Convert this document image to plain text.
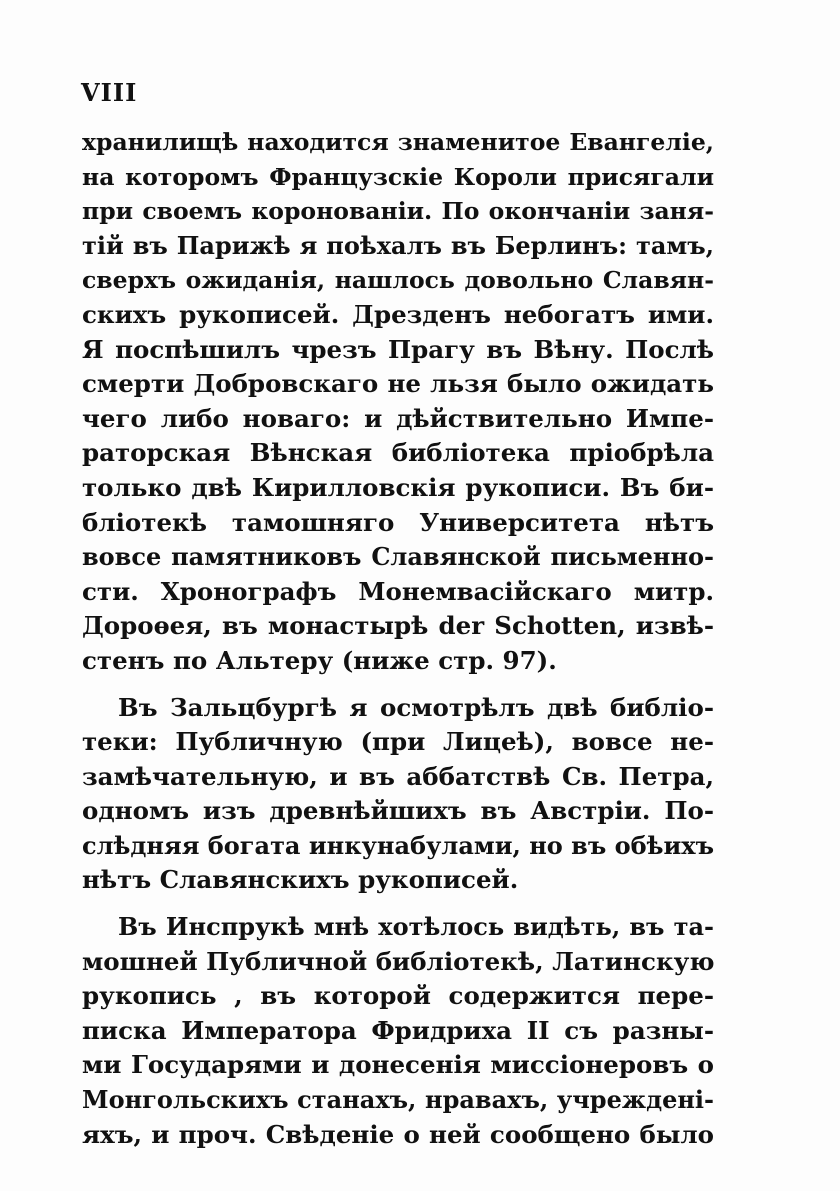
VIII
хранилищѣ находится знаменитое Евангеліе,
на которомъ Французскіе Короли присягали
при своемъ коронованіи. По окончаніи заня-
тій въ Парижѣ я поѣхалъ въ Берлинъ: тамъ,
сверхъ ожиданія, нашлось довольно Славян-
скихъ рукописей. Дрезденъ небогатъ ими.
Я поспѣшилъ чрезъ Прагу въ Вѣну. Послѣ
смерти Добровскаго не льзя было ожидать
чего либо новаго: и дѣйствительно Импе-
раторская Вѣнская библіотека пріобрѣла
только двѣ Кирилловскія рукописи. Въ би-
бліотекѣ тамошняго Университета нѣтъ
вовсе памятниковъ Славянской письменно-
сти. Хронографъ Монемвасійскаго митр.
Дороѳея, въ монастырѣ der Schotten, извѣ-
стенъ по Альтеру (ниже стр. 97).
Въ Зальцбургѣ я осмотрѣлъ двѣ библіо-
теки: Публичную (при Лицеѣ), вовсе не-
замѣчательную, и въ аббатствѣ Св. Петра,
одномъ изъ древнѣйшихъ въ Австріи. По-
слѣдняя богата инкунабулами, но въ обѣихъ
нѣтъ Славянскихъ рукописей.
Въ Инспрукѣ мнѣ хотѣлось видѣть, въ та-
мошней Публичной библіотекѣ, Латинскую
рукопись , въ которой содержится пере-
писка Императора Фридриха II съ разны-
ми Государями и донесенія миссіонеровъ о
Монгольскихъ станахъ, нравахъ, учреждені-
яхъ, и проч. Свѣденіе о ней сообщено было
